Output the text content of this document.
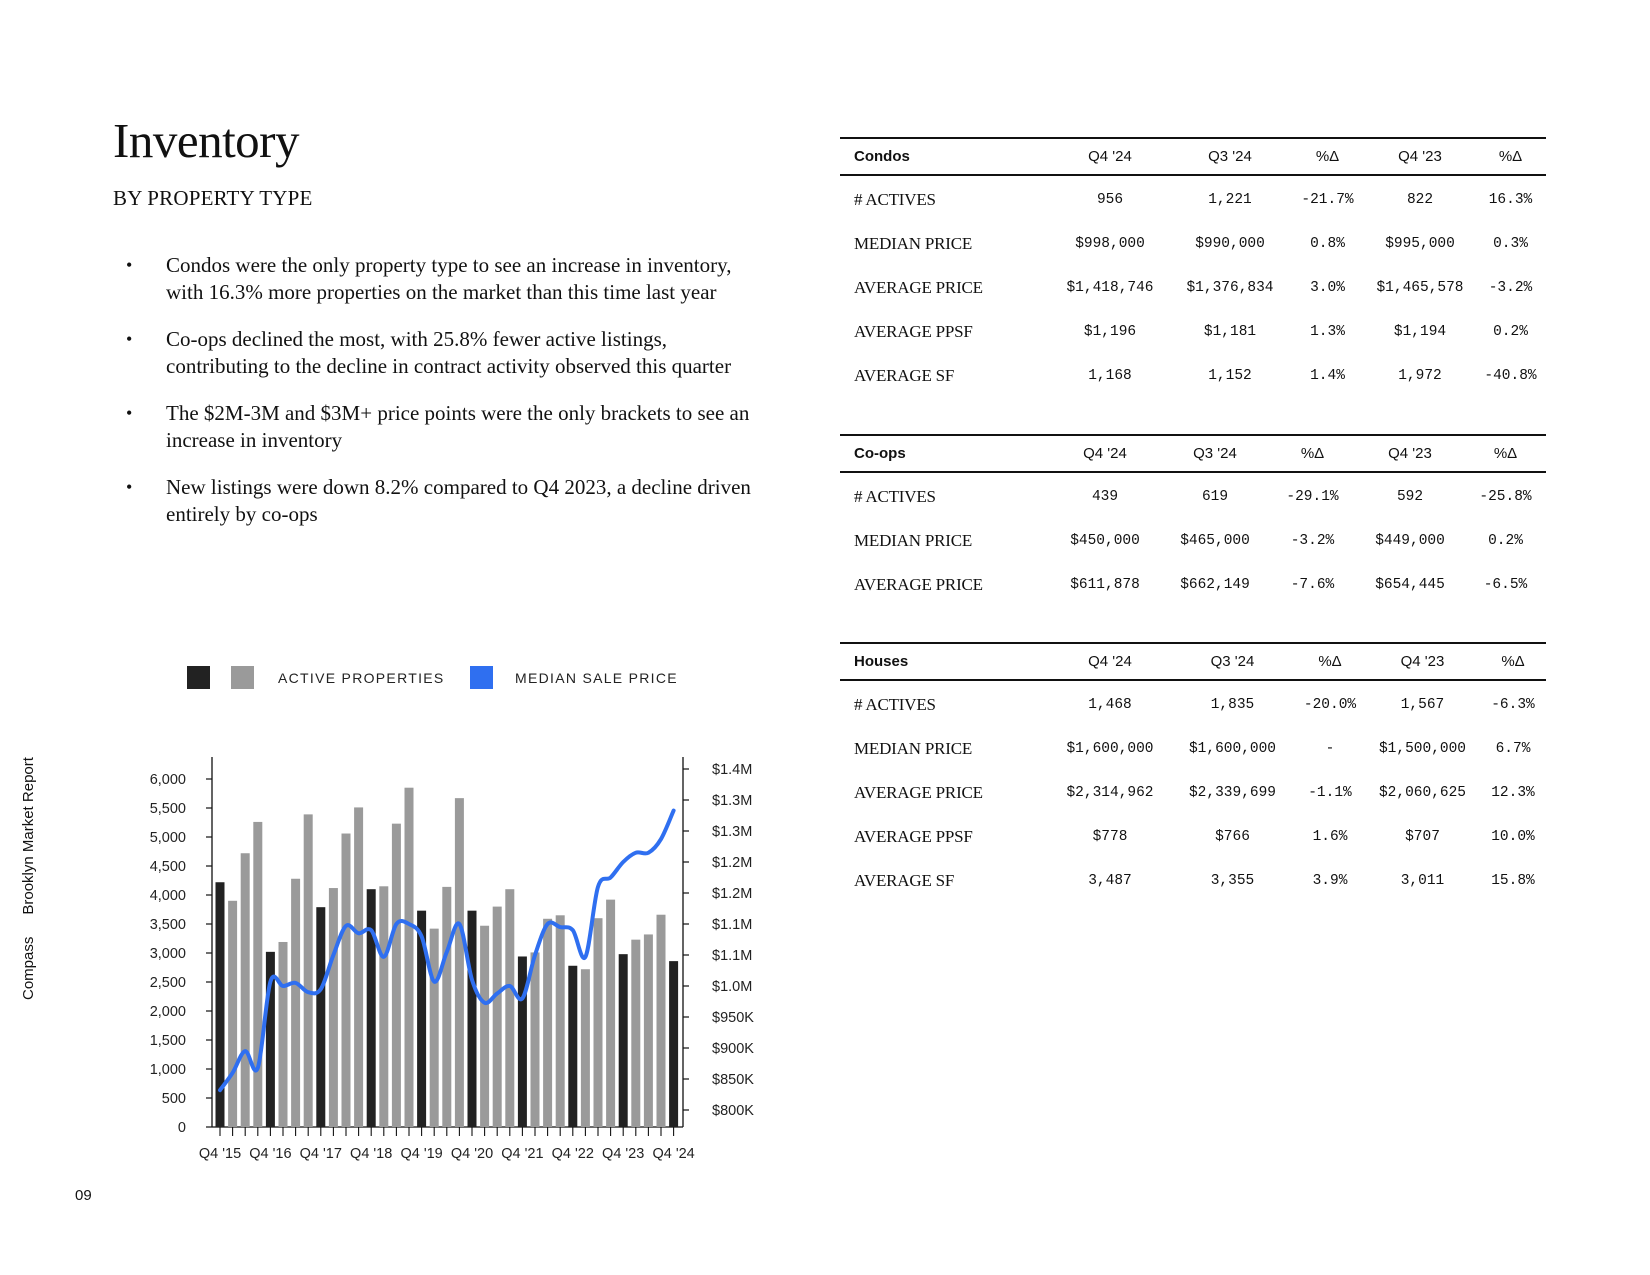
Inventory
BY PROPERTY TYPE
• Condos were the only property type to see an increase in inventory, with 16.3% more properties on the market than this time last year
• Co-ops declined the most, with 25.8% fewer active listings, contributing to the decline in contract activity observed this quarter
• The $2M-3M and $3M+ price points were the only brackets to see an increase in inventory
• New listings were down 8.2% compared to Q4 2023, a decline driven entirely by co-ops
CompassBrooklyn Market Report
09
ACTIVE PROPERTIES	MEDIAN SALE PRICE
0
500
1,000
1,500
2,000
2,500
3,000
3,500
4,000
4,500
5,000
5,500
6,000
$800K
$850K
$900K
$950K
$1.0M
$1.1M
$1.1M
$1.2M
$1.2M
$1.3M
$1.3M
$1.4M
Q4 '15 Q4 '16 Q4 '17 Q4 '18 Q4 '19 Q4 '20 Q4 '21 Q4 '22 Q4 '23 Q4 '24
Condos	Q4 '24	Q3 '24	%Δ	Q4 '23	%Δ
# ACTIVES	956	1,221	-21.7%	822	16.3%
MEDIAN PRICE	$998,000	$990,000	0.8%	$995,000	0.3%
AVERAGE PRICE	$1,418,746	$1,376,834	3.0%	$1,465,578	-3.2%
AVERAGE PPSF	$1,196	$1,181	1.3%	$1,194	0.2%
AVERAGE SF	1,168	1,152	1.4%	1,972	-40.8%
Co-ops	Q4 '24	Q3 '24	%Δ	Q4 '23	%Δ
# ACTIVES	439	619	-29.1%	592	-25.8%
MEDIAN PRICE	$450,000	$465,000	-3.2%	$449,000	0.2%
AVERAGE PRICE	$611,878	$662,149	-7.6%	$654,445	-6.5%
Houses	Q4 '24	Q3 '24	%Δ	Q4 '23	%Δ
# ACTIVES	1,468	1,835	-20.0%	1,567	-6.3%
MEDIAN PRICE	$1,600,000	$1,600,000	-	$1,500,000	6.7%
AVERAGE PRICE	$2,314,962	$2,339,699	-1.1%	$2,060,625	12.3%
AVERAGE PPSF	$778	$766	1.6%	$707	10.0%
AVERAGE SF	3,487	3,355	3.9%	3,011	15.8%
